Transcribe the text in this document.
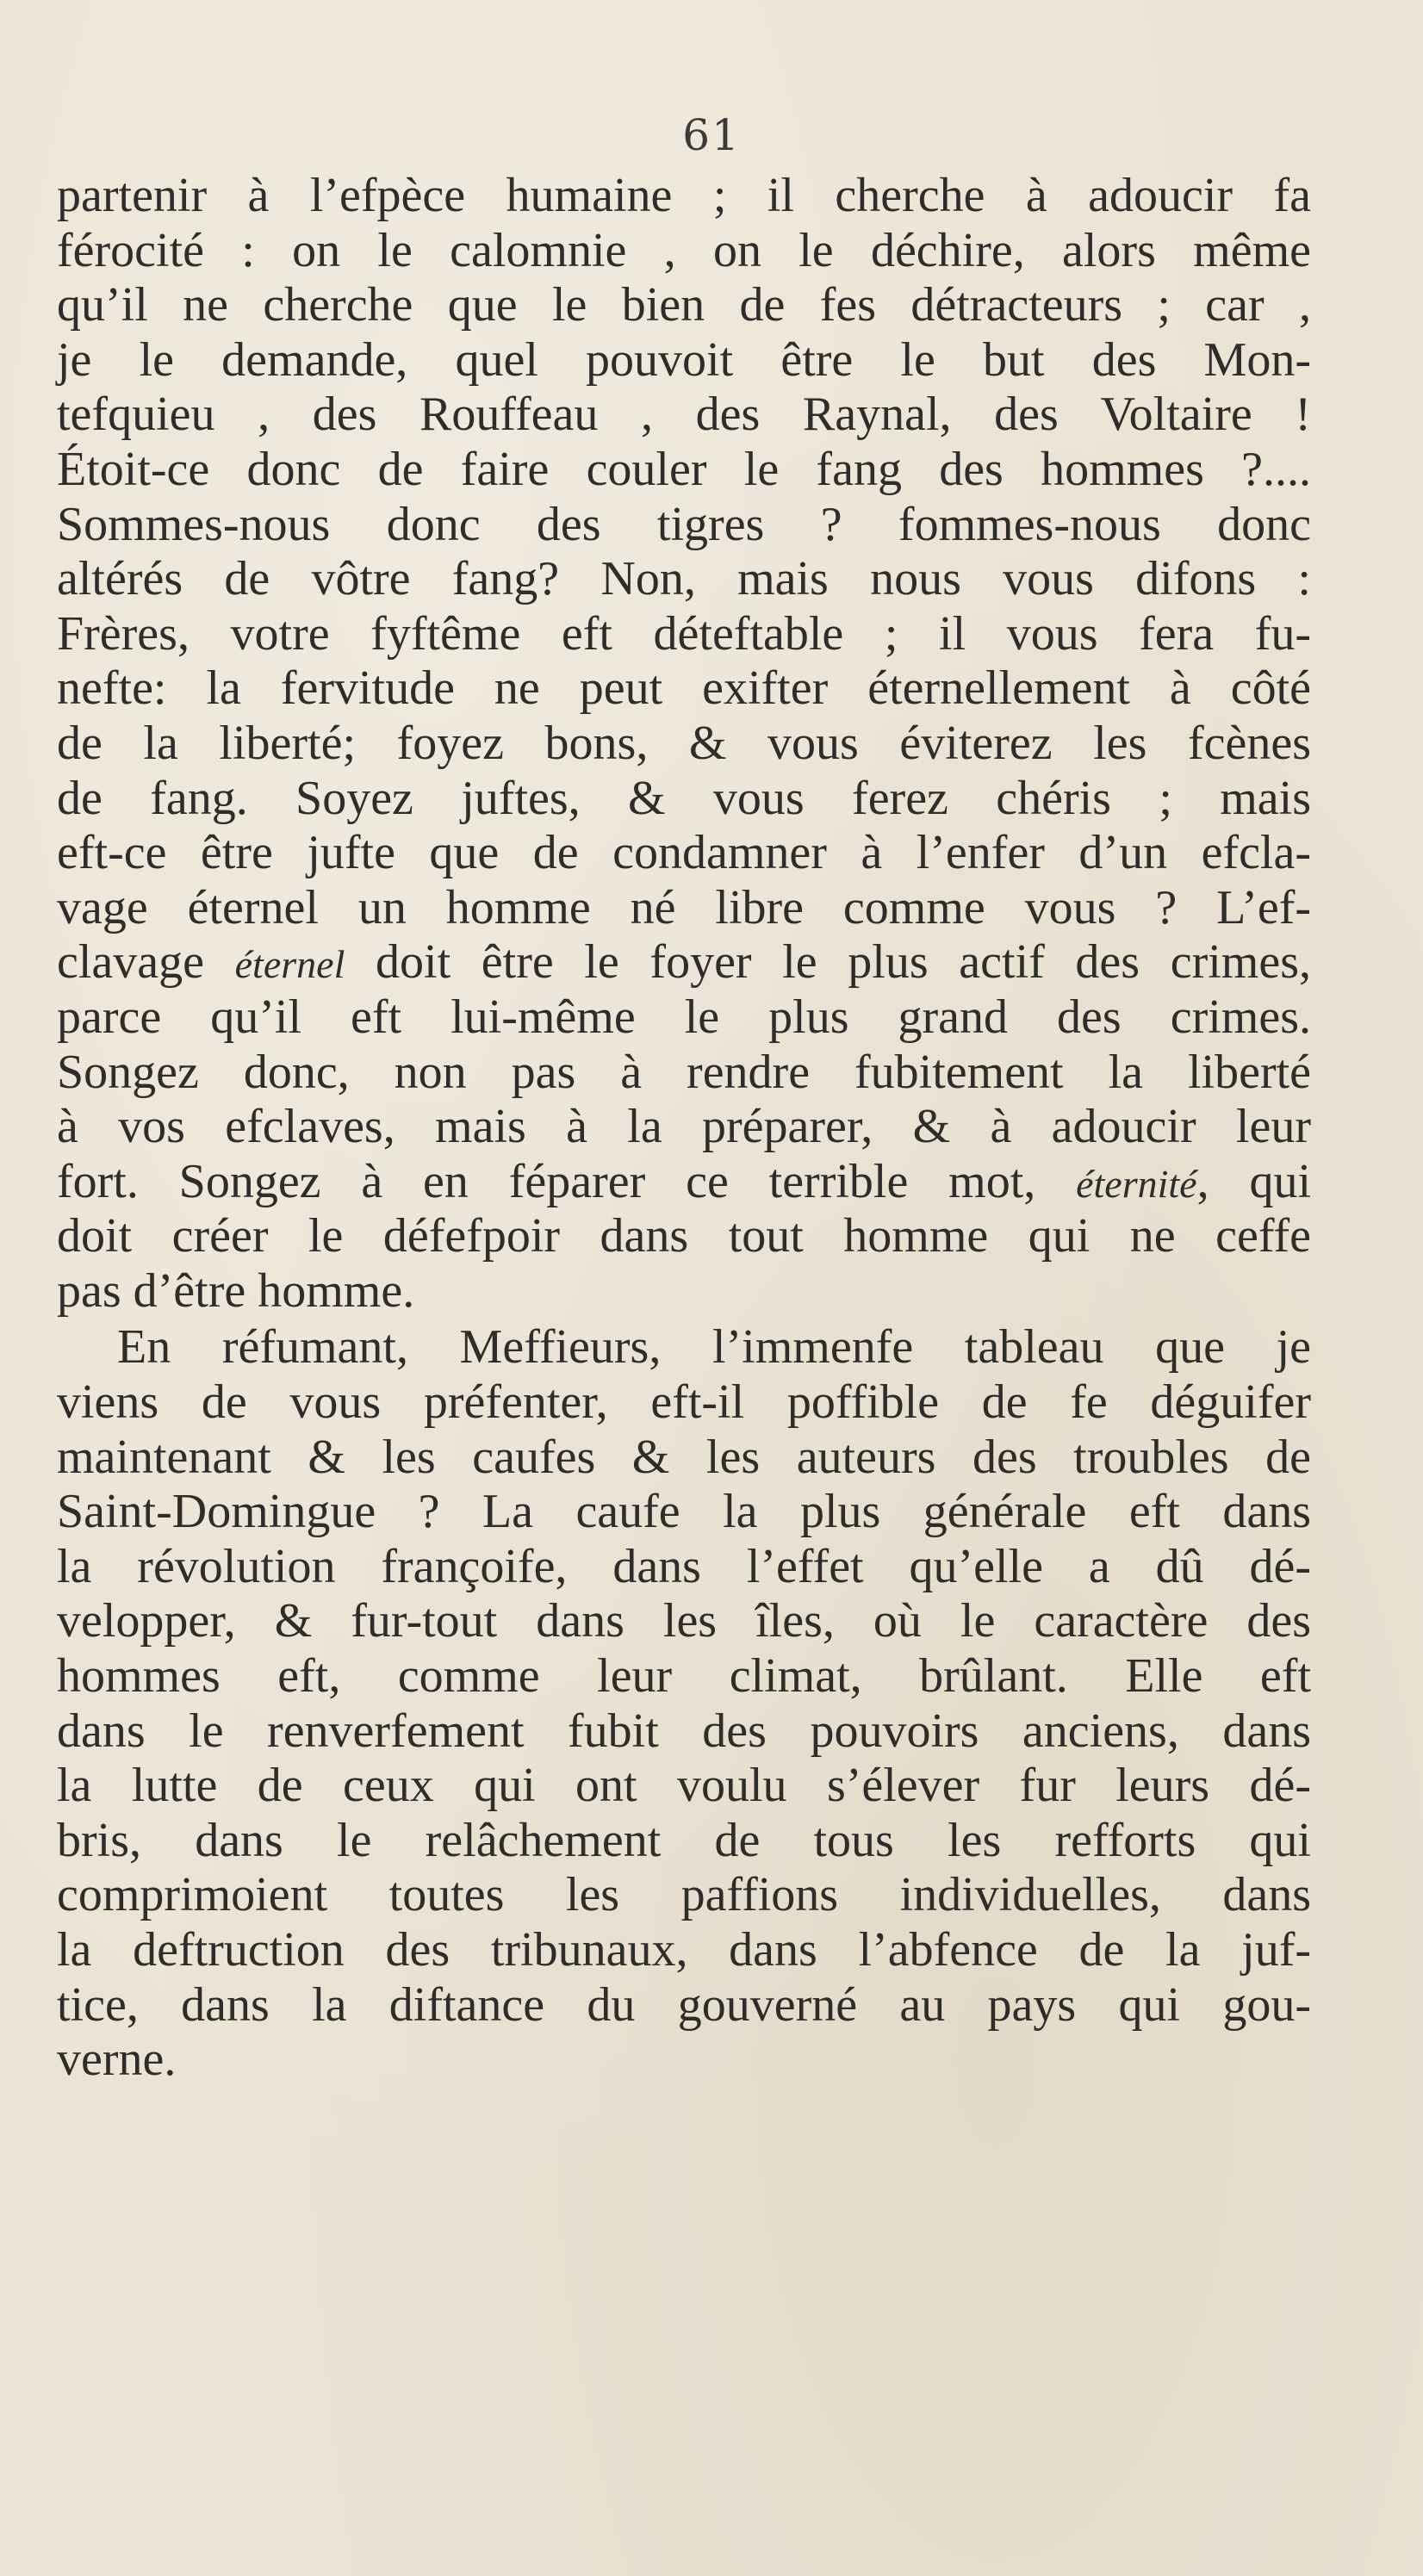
61
partenir à l’efpèce humaine ; il cherche à adoucir fa
férocité : on le calomnie , on le déchire, alors même
qu’il ne cherche que le bien de fes détracteurs ; car ,
je le demande, quel pouvoit être le but des Mon-
tefquieu , des Rouffeau , des Raynal, des Voltaire !
Étoit-ce donc de faire couler le fang des hommes ?....
Sommes-nous donc des tigres ? fommes-nous donc
altérés de vôtre fang? Non, mais nous vous difons :
Frères, votre fyftême eft déteftable ; il vous fera fu-
nefte: la fervitude ne peut exifter éternellement à côté
de la liberté; foyez bons, & vous éviterez les fcènes
de fang. Soyez juftes, & vous ferez chéris ; mais
eft-ce être jufte que de condamner à l’enfer d’un efcla-
vage éternel un homme né libre comme vous ? L’ef-
clavage éternel doit être le foyer le plus actif des crimes,
parce qu’il eft lui-même le plus grand des crimes.
Songez donc, non pas à rendre fubitement la liberté
à vos efclaves, mais à la préparer, & à adoucir leur
fort. Songez à en féparer ce terrible mot, éternité, qui
doit créer le défefpoir dans tout homme qui ne ceffe
pas d’être homme.
En réfumant, Meffieurs, l’immenfe tableau que je
viens de vous préfenter, eft-il poffible de fe déguifer
maintenant & les caufes & les auteurs des troubles de
Saint-Domingue ? La caufe la plus générale eft dans
la révolution françoife, dans l’effet qu’elle a dû dé-
velopper, & fur-tout dans les îles, où le caractère des
hommes eft, comme leur climat, brûlant. Elle eft
dans le renverfement fubit des pouvoirs anciens, dans
la lutte de ceux qui ont voulu s’élever fur leurs dé-
bris, dans le relâchement de tous les refforts qui
comprimoient toutes les paffions individuelles, dans
la deftruction des tribunaux, dans l’abfence de la juf-
tice, dans la diftance du gouverné au pays qui gou-
verne.
